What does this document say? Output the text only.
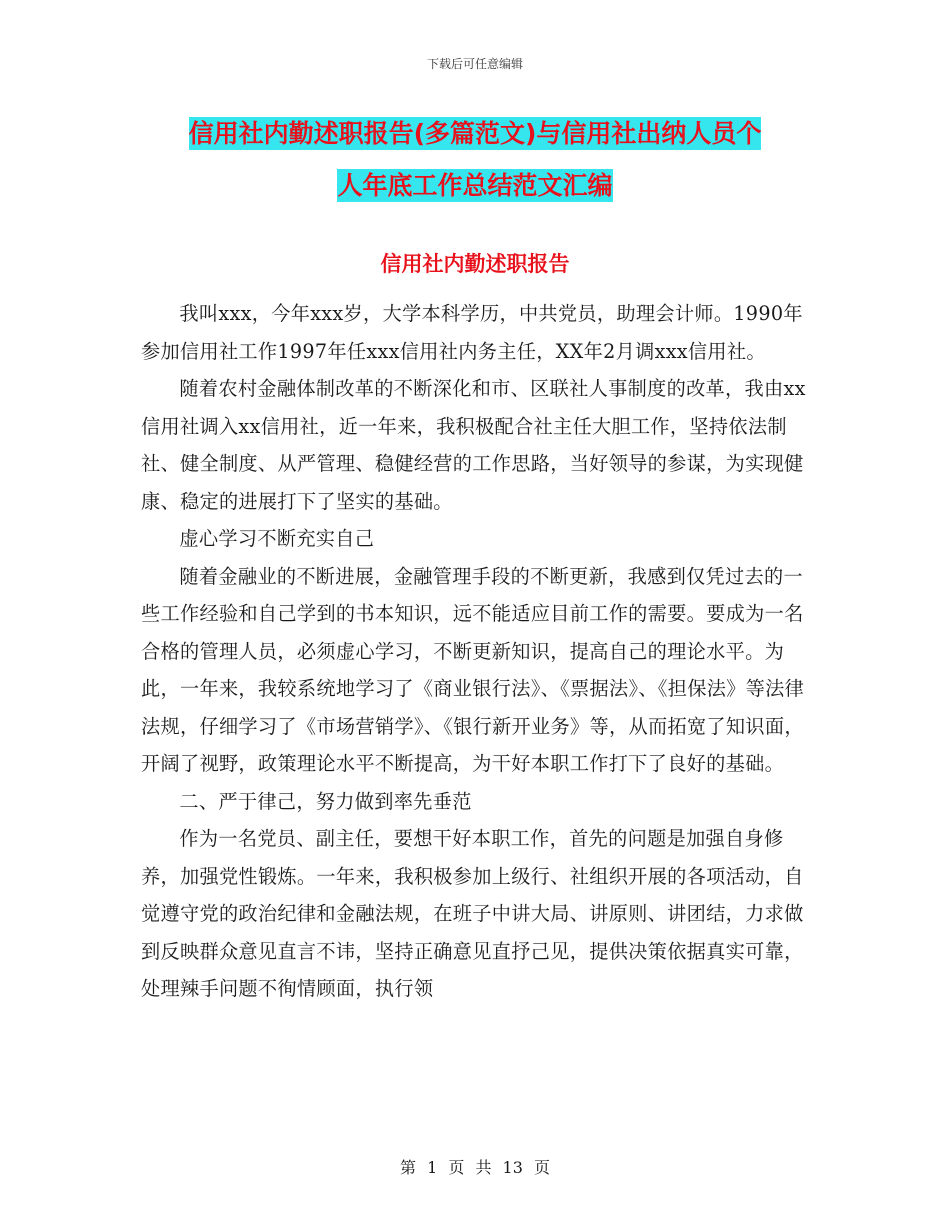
下载后可任意编辑
信用社内勤述职报告(多篇范文)与信用社出纳人员个
人年底工作总结范文汇编
信用社内勤述职报告

我叫xxx，今年xxx岁，大学本科学历，中共党员，助理会计师。1990年参加信用社工作1997年任xxx信用社内务主任，XX年2月调xxx信用社。

随着农村金融体制改革的不断深化和市、区联社人事制度的改革，我由xx信用社调入xx信用社，近一年来，我积极配合社主任大胆工作，坚持依法制社、健全制度、从严管理、稳健经营的工作思路，当好领导的参谋，为实现健康、稳定的进展打下了坚实的基础。

虚心学习不断充实自己

随着金融业的不断进展，金融管理手段的不断更新，我感到仅凭过去的一些工作经验和自己学到的书本知识，远不能适应目前工作的需要。要成为一名合格的管理人员，必须虚心学习，不断更新知识，提高自己的理论水平。为此，一年来，我较系统地学习了《商业银行法》、《票据法》、《担保法》等法律法规，仔细学习了《市场营销学》、《银行新开业务》等，从而拓宽了知识面，开阔了视野，政策理论水平不断提高，为干好本职工作打下了良好的基础。

二、严于律己，努力做到率先垂范

作为一名党员、副主任，要想干好本职工作，首先的问题是加强自身修养，加强党性锻炼。一年来，我积极参加上级行、社组织开展的各项活动，自觉遵守党的政治纪律和金融法规，在班子中讲大局、讲原则、讲团结，力求做到反映群众意见直言不讳，坚持正确意见直抒己见，提供决策依据真实可靠，处理辣手问题不徇情顾面，执行领

第 1 页 共 13 页
